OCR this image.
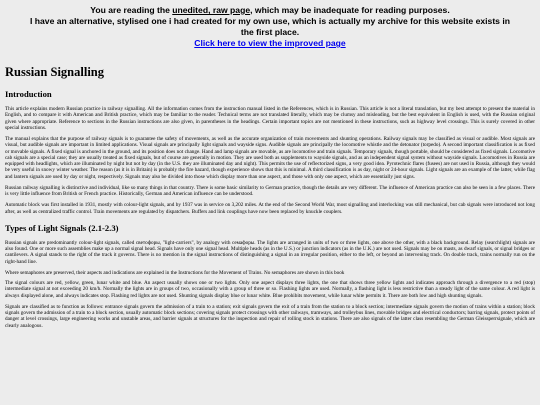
You are reading the unedited, raw page, which may be inadequate for reading purposes.
I have an alternative, stylised one i had created for my own use, which is actually my archive for this website exists in the first place.
Click here to view the improved page
Russian Signalling
Introduction

This article explains modern Russian practice in railway signalling. All the information comes from the instruction manual listed in the References, which is in Russian. This article is not a literal translation, but my best attempt to present the material in English, and to compare it with American and British practice, which may be familiar to the reader. Technical terms are not translated literally, which may be clumsy and misleading, but the best equivalent in English is used, with the Russian original given where appropriate. Reference to sections in the Russian instructions are also given, in parentheses in the headings. Certain important topics are not mentioned in these instructions, such as highway level crossings. This is surely covered in other special instructions.

The manual explains that the purpose of railway signals is to guarantee the safety of movements, as well as the accurate organization of train movements and shunting operations. Railway signals may be classified as visual or audible. Most signals are visual, but audible signals are important in limited applications. Visual signals are principally light signals and wayside signs. Audible signals are principally the locomotive whistle and the detonator (torpedo). A second important classification is as fixed or movable signals. A fixed signal is anchored in the ground, and its position does not change. Hand and lamp signals are movable, as are locomotive and train signals. Temporary signals, though portable, should be considered as fixed signals. Locomotive cab signals are a special case; they are usually treated as fixed signals, but of course are generally in motion. They are used both as supplements to wayside signals, and as an independent signal system without wayside signals. Locomotives in Russia are equipped with headlights, which are illuminated by night but not by day (in the U.S. they are illuminated day and night). This permits the use of reflectorized signs, a very good idea. Pyrotechnic flares (fusees) are not used in Russia, although they would be very useful in snowy winter weather. The reason (as it is in Britain) is probably the fire hazard, though experience shows that this is minimal. A third classification is as day, night or 24-hour signals. Light signals are an example of the latter, while flag and lantern signals are used by day or night, respectively. Signals may also be divided into those which display more than one aspect, and those with only one aspect, which are essentially just signs.

Russian railway signalling is distinctive and individual, like so many things in that country. There is some basic similarity to German practice, though the details are very different. The influence of American practice can also be seen in a few places. There is very little influence from British or French practice. Historically, German and American influence can be understood.

Automatic block was first installed in 1931, mostly with colour-light signals, and by 1937 was in service on 3,202 miles. At the end of the Second World War, most signalling and interlocking was still mechanical, but cab signals were introduced not long after, as well as centralized traffic control. Train movements are regulated by dispatchers. Buffers and link couplings have now been replaced by knuckle couplers.

Types of Light Signals (2.1-2.3)

Russian signals are predominantly colour-light signals, called светофоры, "light-carriers", by analogy with семафоры. The lights are arranged in units of two or three lights, one above the other, with a black background. Relay (searchlight) signals are also found. One or more such assemblies make up a normal signal head. Signals have only one signal head. Multiple heads (as in the U.S.) or junction indicators (as in the U.K.) are not used. Signals may be on masts, as dwarf signals, or signal bridges or cantilevers. A signal stands to the right of the track it governs. There is no mention in the signal instructions of distinguishing a signal in an irregular position, either to the left, or beyond an intervening track. On double track, trains normally run on the right-hand line.

Where semaphores are preserved, their aspects and indications are explained in the Instructions for the Movement of Trains. No semaphores are shown in this book

The signal colours are red, yellow, green, lunar white and blue. An aspect usually shows one or two lights. Only one aspect displays three lights, the one that shows three yellow lights and indicates approach through a divergence to a red (stop) intermediate signal at not exceeding 20 km/h. Normally the lights are in groups of two, occasionally with a group of three or so. Flashing lights are used. Normally, a flashing light is less restrictive than a steady light of the same colour. A red light is always displayed alone, and always indicates stop. Flashing red lights are not used. Shunting signals display blue or lunar white. Blue prohibits movement, while lunar white permits it. There are both low and high shunting signals.

Signals are classified as to function as follows: entrance signals govern the admission of a train to a station; exit signals govern the exit of a train from the station to a block section; intermediate signals govern the motion of trains within a station; block signals govern the admission of a train to a block section, usually automatic block sections; covering signals protect crossings with other railways, tramways, and trolleybus lines, movable bridges and electrical conductors; barring signals, protect points of danger at level crossings, large engineering works and unstable areas, and barrier signals at structures for the inspection and repair of rolling stock in stations. There are also signals of the latter class resembling the German Gleissperrsignale, which are clearly analogous.
